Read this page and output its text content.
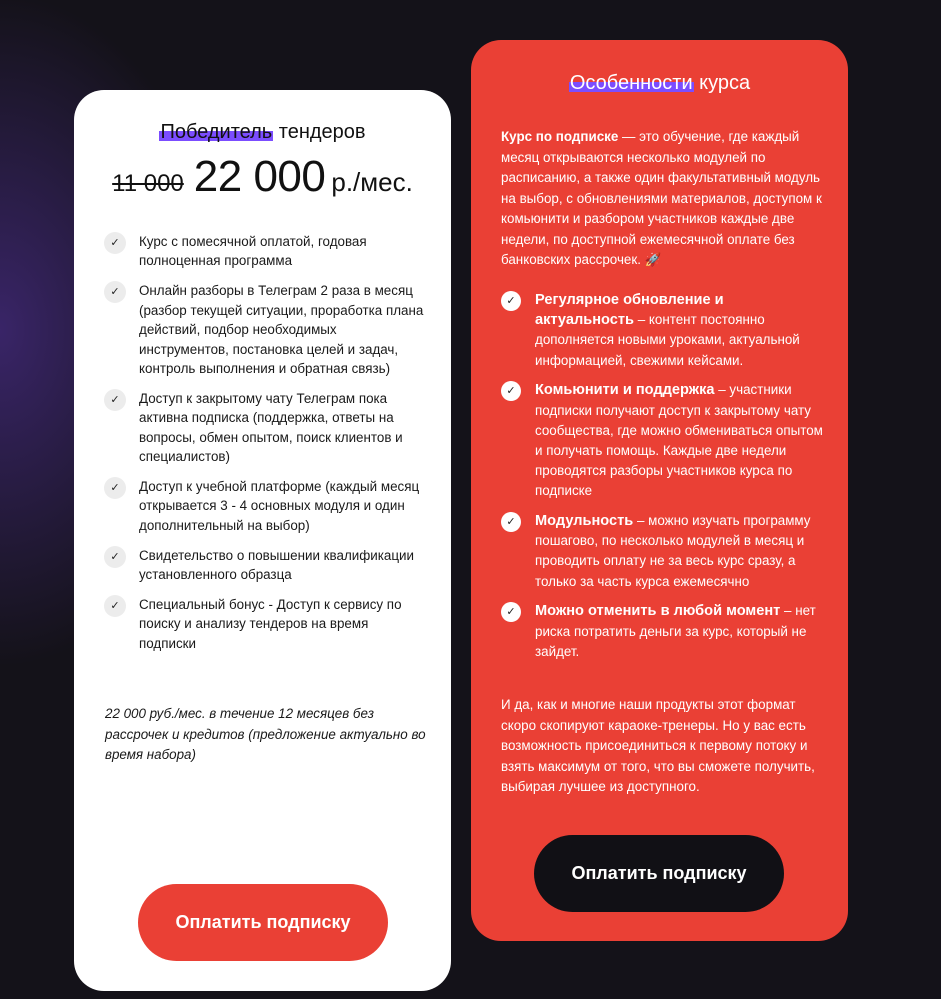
Победитель тендеров
11 000 22 000 р./мес.
✓	Курс с помесячной оплатой, годовая полноценная программа
✓	Онлайн разборы в Телеграм 2 раза в месяц (разбор текущей ситуации, проработка плана действий, подбор необходимых инструментов, постановка целей и задач, контроль выполнения и обратная связь)
✓	Доступ к закрытому чату Телеграм пока активна подписка (поддержка, ответы на вопросы, обмен опытом, поиск клиентов и специалистов)
✓	Доступ к учебной платформе (каждый месяц открывается 3 - 4 основных модуля и один дополнительный на выбор)
✓	Свидетельство о повышении квалификации установленного образца
✓	Специальный бонус - Доступ к сервису по поиску и анализу тендеров на время подписки
22 000 руб./мес. в течение 12 месяцев без рассрочек и кредитов (предложение актуально во время набора)
Оплатить подписку
Особенности курса
Курс по подписке — это обучение, где каждый месяц открываются несколько модулей по расписанию, а также один факультативный модуль на выбор, с обновлениями материалов, доступом к комьюнити и разбором участников каждые две недели, по доступной ежемесячной оплате без банковских рассрочек. 🚀
✓	Регулярное обновление и актуальность – контент постоянно дополняется новыми уроками, актуальной информацией, свежими кейсами.
✓	Комьюнити и поддержка – участники подписки получают доступ к закрытому чату сообщества, где можно обмениваться опытом и получать помощь. Каждые две недели проводятся разборы участников курса по подписке
✓	Модульность – можно изучать программу пошагово, по несколько модулей в месяц и проводить оплату не за весь курс сразу, а только за часть курса ежемесячно
✓	Можно отменить в любой момент – нет риска потратить деньги за курс, который не зайдет.
И да, как и многие наши продукты этот формат скоро скопируют караоке-тренеры. Но у вас есть возможность присоединиться к первому потоку и взять максимум от того, что вы сможете получить, выбирая лучшее из доступного.
Оплатить подписку
